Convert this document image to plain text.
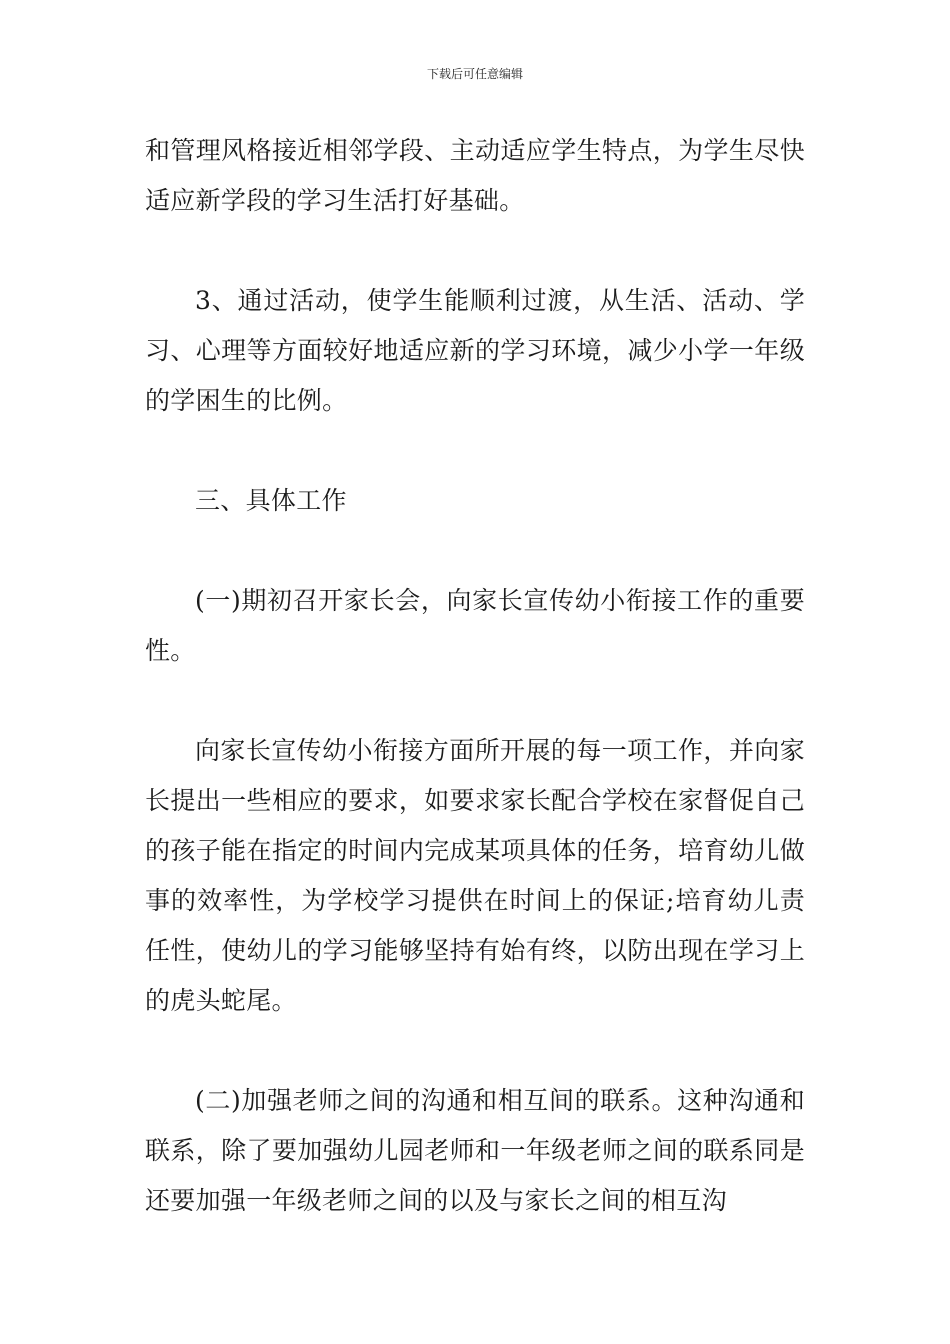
下载后可任意编辑

和管理风格接近相邻学段、主动适应学生特点，为学生尽快适应新学段的学习生活打好基础。

3、通过活动，使学生能顺利过渡，从生活、活动、学习、心理等方面较好地适应新的学习环境，减少小学一年级的学困生的比例。

三、具体工作

(一)期初召开家长会，向家长宣传幼小衔接工作的重要性。

向家长宣传幼小衔接方面所开展的每一项工作，并向家长提出一些相应的要求，如要求家长配合学校在家督促自己的孩子能在指定的时间内完成某项具体的任务，培育幼儿做事的效率性，为学校学习提供在时间上的保证;培育幼儿责任性，使幼儿的学习能够坚持有始有终，以防出现在学习上的虎头蛇尾。

(二)加强老师之间的沟通和相互间的联系。这种沟通和联系，除了要加强幼儿园老师和一年级老师之间的联系同是还要加强一年级老师之间的以及与家长之间的相互沟
